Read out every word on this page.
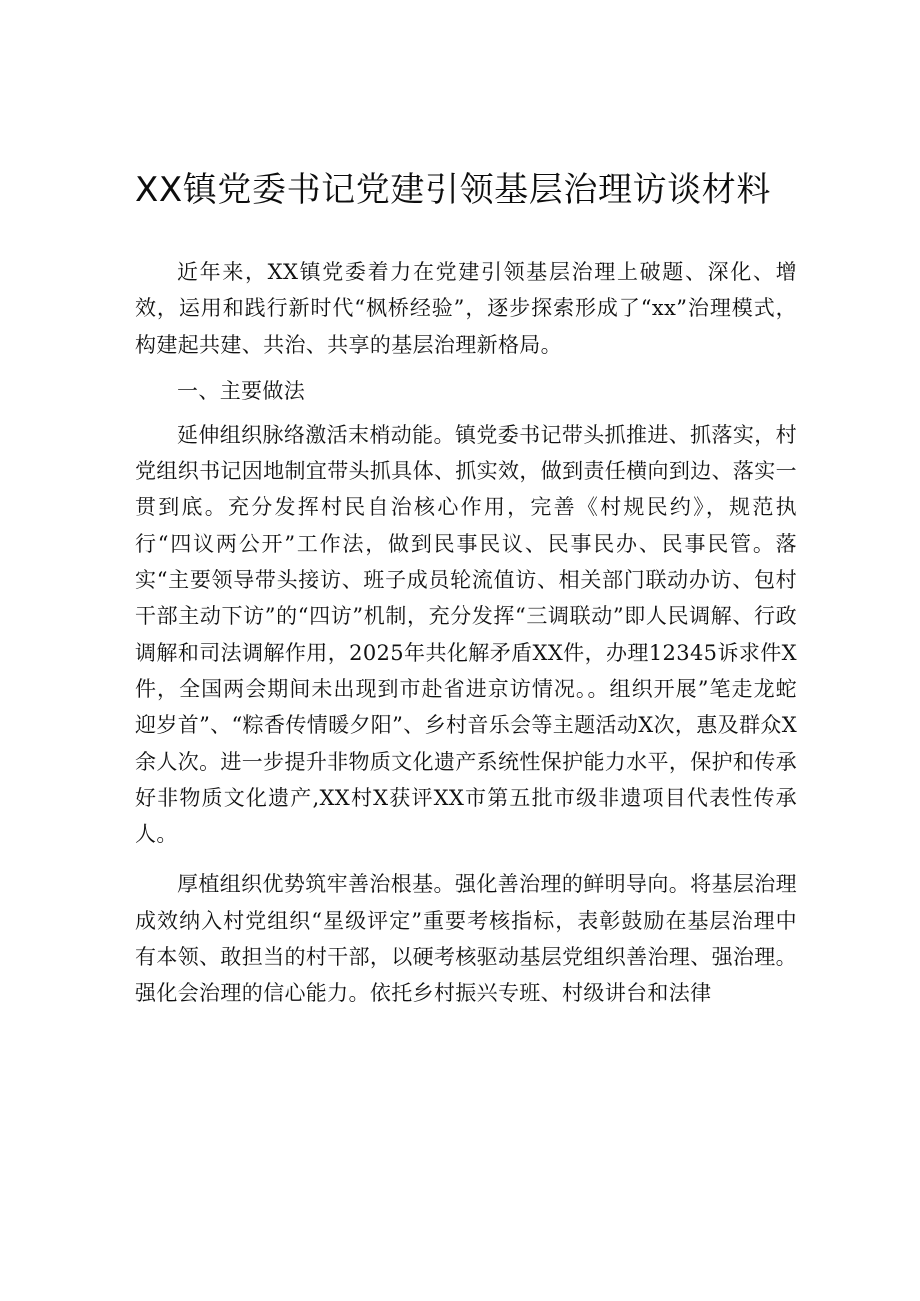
XX镇党委书记党建引领基层治理访谈材料

近年来，XX镇党委着力在党建引领基层治理上破题、深化、增效，运用和践行新时代“枫桥经验”，逐步探索形成了“xx”治理模式，构建起共建、共治、共享的基层治理新格局。

一、主要做法

延伸组织脉络激活末梢动能。镇党委书记带头抓推进、抓落实，村党组织书记因地制宜带头抓具体、抓实效，做到责任横向到边、落实一贯到底。充分发挥村民自治核心作用，完善《村规民约》，规范执行“四议两公开”工作法，做到民事民议、民事民办、民事民管。落实“主要领导带头接访、班子成员轮流值访、相关部门联动办访、包村干部主动下访”的“四访”机制，充分发挥“三调联动”即人民调解、行政调解和司法调解作用，2025年共化解矛盾XX件，办理12345诉求件X件，全国两会期间未出现到市赴省进京访情况。。组织开展”笔走龙蛇迎岁首”、“粽香传情暖夕阳”、乡村音乐会等主题活动X次，惠及群众X余人次。进一步提升非物质文化遗产系统性保护能力水平，保护和传承好非物质文化遗产,XX村X获评XX市第五批市级非遗项目代表性传承人。

厚植组织优势筑牢善治根基。强化善治理的鲜明导向。将基层治理成效纳入村党组织“星级评定”重要考核指标，表彰鼓励在基层治理中有本领、敢担当的村干部，以硬考核驱动基层党组织善治理、强治理。强化会治理的信心能力。依托乡村振兴专班、村级讲台和法律
